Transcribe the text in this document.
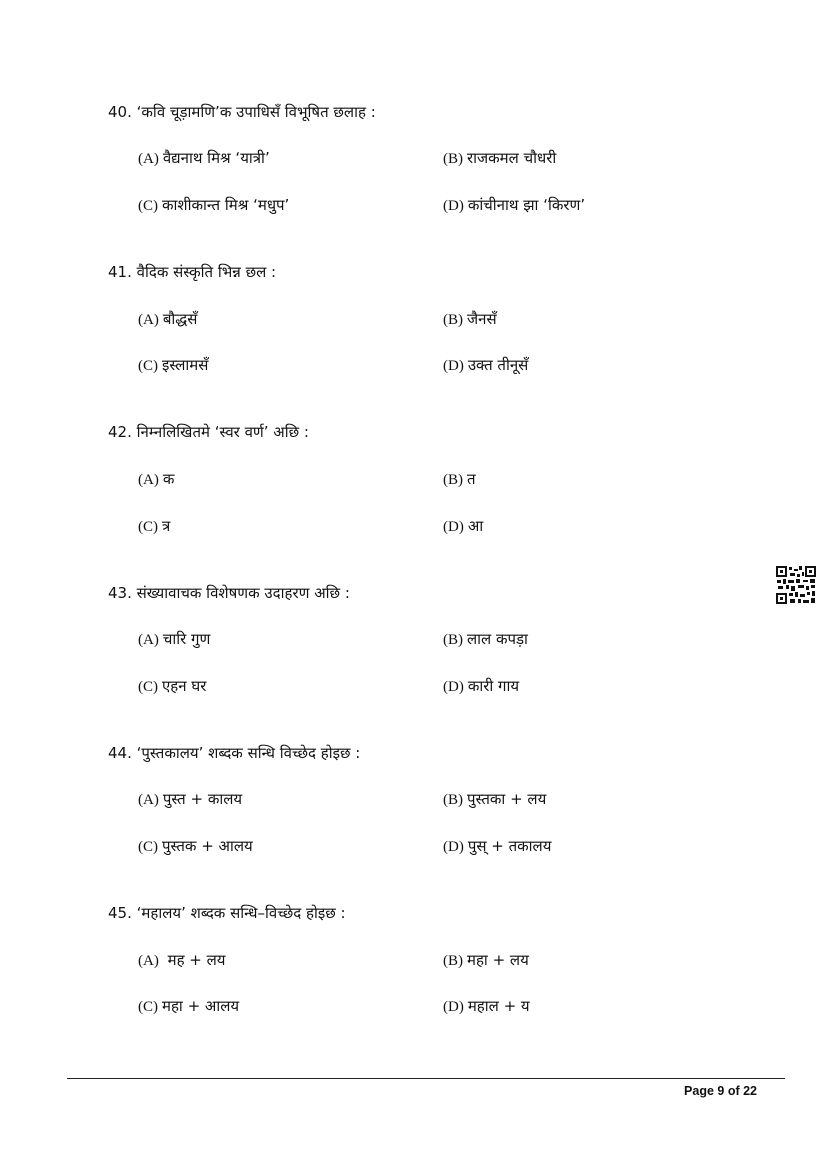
40. ‘कवि चूड़ामणि’क उपाधिसँ विभूषित छलाह :
(A) वैद्यनाथ मिश्र ‘यात्री’	(B) राजकमल चौधरी
(C) काशीकान्त मिश्र ‘मधुप’	(D) कांचीनाथ झा ‘किरण’
41. वैदिक संस्कृति भिन्न छल :
(A) बौद्धसँ	(B) जैनसँ
(C) इस्लामसँ	(D) उक्त तीनूसँ
42. निम्नलिखितमे ‘स्वर वर्ण’ अछि :
(A) क	(B) त
(C) त्र	(D) आ
43. संख्यावाचक विशेषणक उदाहरण अछि :
(A) चारि गुण	(B) लाल कपड़ा
(C) एहन घर	(D) कारी गाय
44. ‘पुस्तकालय’ शब्दक सन्धि विच्छेद होइछ :
(A) पुस्त + कालय	(B) पुस्तका + लय
(C) पुस्तक + आलय	(D) पुस् + तकालय
45. ‘महालय’ शब्दक सन्धि–विच्छेद होइछ :
(A) मह + लय	(B) महा + लय
(C) महा + आलय	(D) महाल + य
Page 9 of 22
